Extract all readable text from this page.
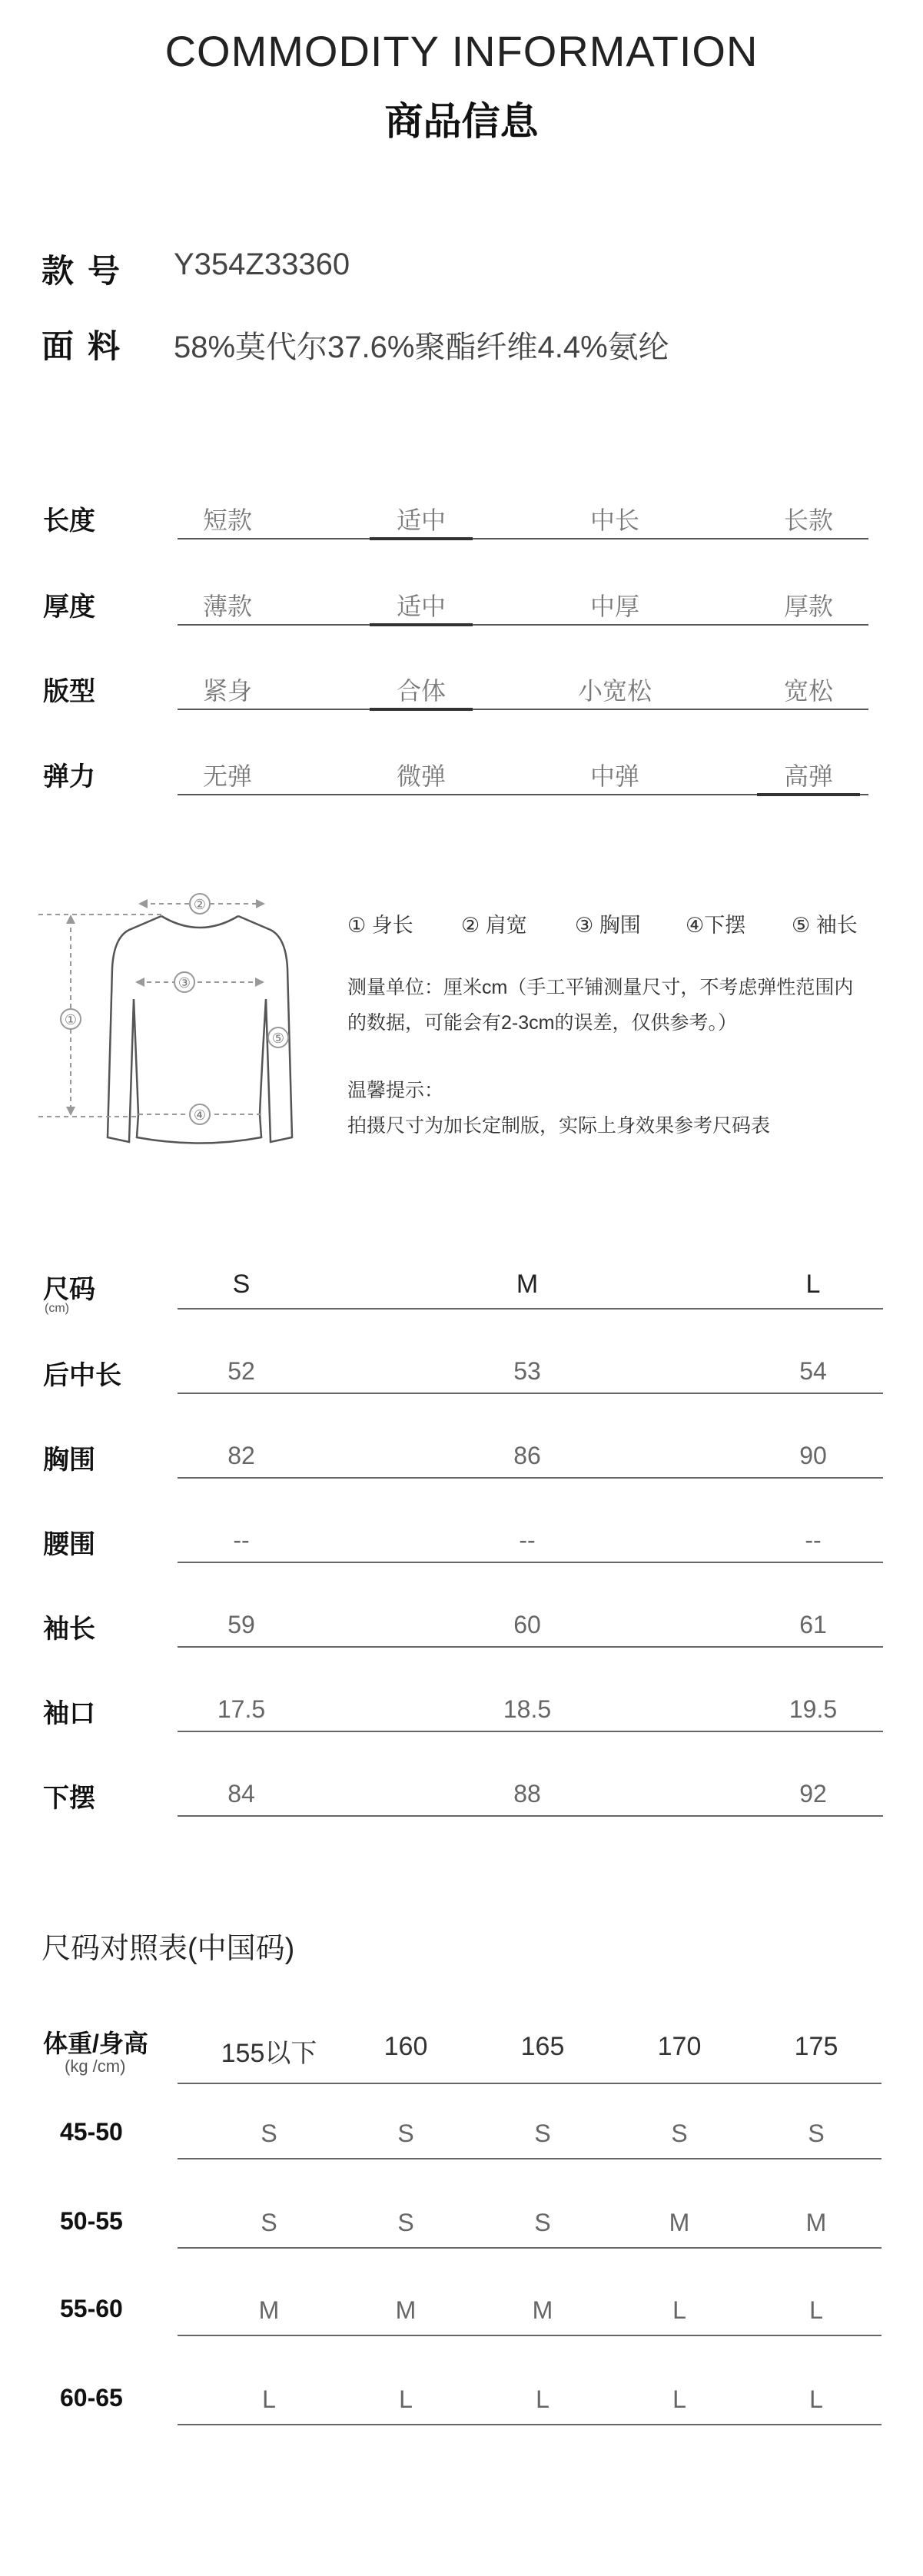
COMMODITY INFORMATION
商品信息
款号 Y354Z33360
面料 58%莫代尔37.6%聚酯纤维4.4%氨纶
长度	短款	适中	中长	长款
厚度	薄款	适中	中厚	厚款
版型	紧身	合体	小宽松	宽松
弹力	无弹	微弹	中弹	高弹
①
②
③
④
⑤
① 身长 ② 肩宽 ③ 胸围 ④下摆 ⑤ 袖长
测量单位：厘米cm（手工平铺测量尺寸，不考虑弹性范围内
的数据，可能会有2-3cm的误差，仅供参考。）
温馨提示：
拍摄尺寸为加长定制版，实际上身效果参考尺码表
尺码
(cm)
S	M	L
后中长	52	53	54
胸围	82	86	90
腰围	--	--	--
袖长	59	60	61
袖口	17.5	18.5	19.5
下摆	84	88	92
尺码对照表(中国码)
体重/身高
(kg /cm)	155以下	160	165	170	175
45-50	S	S	S	S	S
50-55	S	S	S	M	M
55-60	M	M	M	L	L
60-65	L	L	L	L	L
